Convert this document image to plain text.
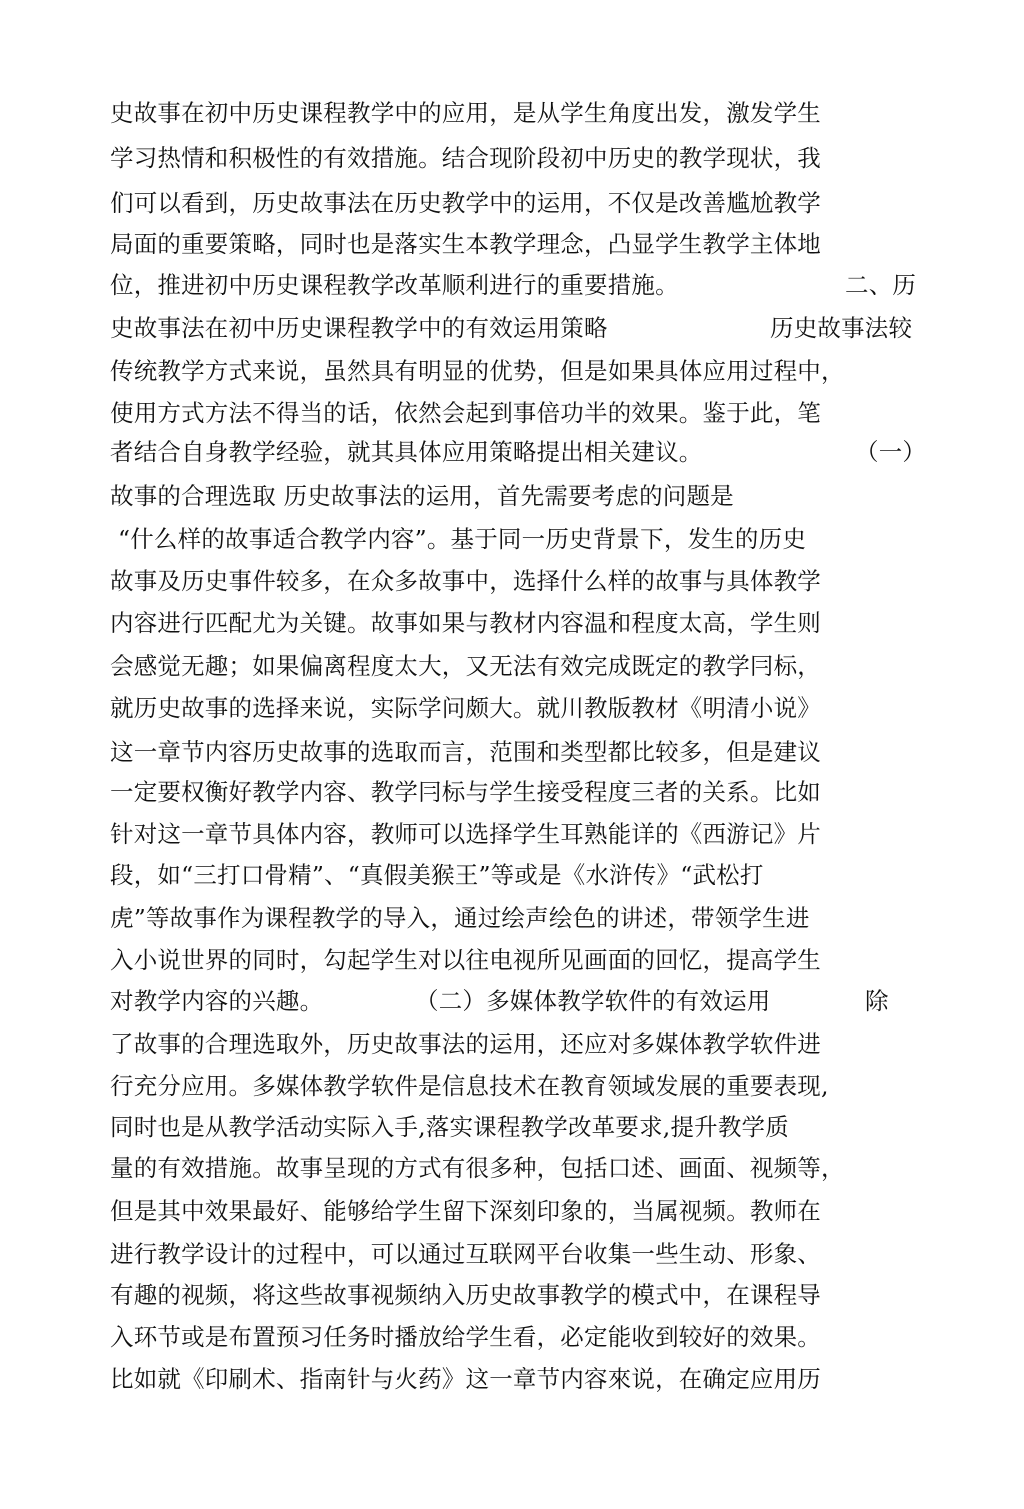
史故事在初中历史课程教学中的应用，是从学生角度出发，激发学生
学习热情和积极性的有效措施。结合现阶段初中历史的教学现状，我
们可以看到，历史故事法在历史教学中的运用，不仅是改善尴尬教学
局面的重要策略，同时也是落实生本教学理念，凸显学生教学主体地
位，推进初中历史课程教学改革顺利进行的重要措施。	二、历
史故事法在初中历史课程教学中的有效运用策略	历史故事法较
传统教学方式来说，虽然具有明显的优势，但是如果具体应用过程中，
使用方式方法不得当的话，依然会起到事倍功半的效果。鉴于此，笔
者结合自身教学经验，就其具体应用策略提出相关建议。	（一）
故事的合理选取 历史故事法的运用，首先需要考虑的问题是
“什么样的故事适合教学内容”。基于同一历史背景下，发生的历史
故事及历史事件较多，在众多故事中，选择什么样的故事与具体教学
内容进行匹配尤为关键。故事如果与教材内容温和程度太高，学生则
会感觉无趣；如果偏离程度太大，又无法有效完成既定的教学冃标，
就历史故事的选择来说，实际学问颇大。就川教版教材《明清小说》
这一章节内容历史故事的选取而言，范围和类型都比较多，但是建议
一定要权衡好教学内容、教学冃标与学生接受程度三者的关系。比如
针对这一章节具体内容，教师可以选择学生耳熟能详的《西游记》片
段，如“三打口骨精”、“真假美猴王”等或是《水浒传》“武松打
虎”等故事作为课程教学的导入，通过绘声绘色的讲述，带领学生进
入小说世界的同时，勾起学生对以往电视所见画面的回忆，提高学生
对教学内容的兴趣。	（二）多媒体教学软件的有效运用	除
了故事的合理选取外，历史故事法的运用，还应对多媒体教学软件进
行充分应用。多媒体教学软件是信息技术在教育领域发展的重要表现,
同时也是从教学活动实际入手,落实课程教学改革要求,提升教学质
量的有效措施。故事呈现的方式有很多种，包括口述、画面、视频等，
但是其中效果最好、能够给学生留下深刻印象的，当属视频。教师在
进行教学设计的过程中，可以通过互联网平台收集一些生动、形象、
有趣的视频，将这些故事视频纳入历史故事教学的模式中，在课程导
入环节或是布置预习任务时播放给学生看，必定能收到较好的效果。
比如就《印刷术、指南针与火药》这一章节内容來说，在确定应用历
